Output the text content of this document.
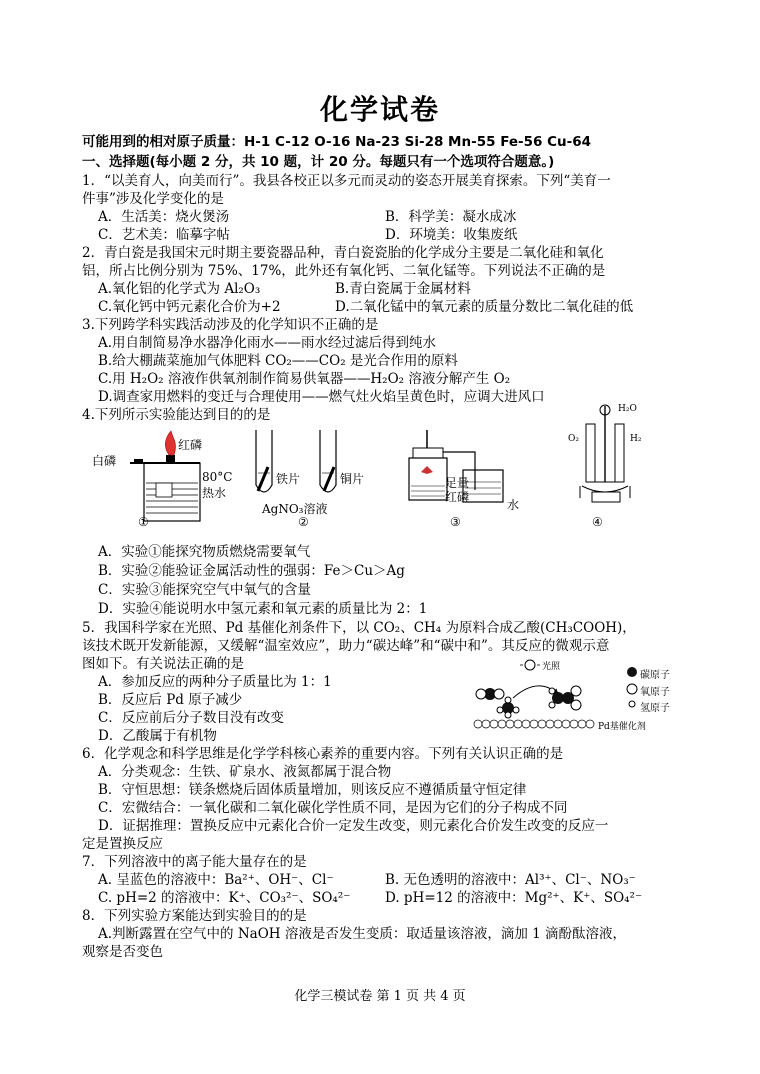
化学试卷
可能用到的相对原子质量：H-1 C-12 O-16 Na-23 Si-28 Mn-55 Fe-56 Cu-64
一、选择题(每小题 2 分，共 10 题，计 20 分。每题只有一个选项符合题意。)
1．“以美育人，向美而行”。我县各校正以多元而灵动的姿态开展美育探索。下列“美育一
件事”涉及化学变化的是
A．生活美：烧火煲汤	B．科学美：凝水成冰
C．艺术美：临摹字帖	D．环境美：收集废纸
2．青白瓷是我国宋元时期主要瓷器品种，青白瓷瓷胎的化学成分主要是二氧化硅和氧化
铝，所占比例分别为 75%、17%，此外还有氧化钙、二氧化锰等。下列说法不正确的是
A.氧化铝的化学式为 Al₂O₃	B.青白瓷属于金属材料
C.氧化钙中钙元素化合价为+2	D.二氧化锰中的氧元素的质量分数比二氧化硅的低
3.下列跨学科实践活动涉及的化学知识不正确的是
A.用自制简易净水器净化雨水——雨水经过滤后得到纯水
B.给大棚蔬菜施加气体肥料 CO₂——CO₂ 是光合作用的原料
C.用 H₂O₂ 溶液作供氧剂制作简易供氧器——H₂O₂ 溶液分解产生 O₂
D.调查家用燃料的变迁与合理使用——燃气灶火焰呈黄色时，应调大进风口
4.下列所示实验能达到目的的是
白磷
红磷
80°C
热水
①
铁片	铜片
AgNO₃溶液
②
足量
红磷
水
③
H₂O
O₂	H₂
④
A．实验①能探究物质燃烧需要氧气
B．实验②能验证金属活动性的强弱：Fe＞Cu＞Ag
C．实验③能探究空气中氧气的含量
D．实验④能说明水中氢元素和氧元素的质量比为 2：1
5．我国科学家在光照、Pd 基催化剂条件下，以 CO₂、CH₄ 为原料合成乙酸(CH₃COOH)，
该技术既开发新能源，又缓解“温室效应”，助力“碳达峰”和“碳中和”。其反应的微观示意
图如下。有关说法正确的是
A．参加反应的两种分子质量比为 1：1
B．反应后 Pd 原子减少
C．反应前后分子数目没有改变
D．乙酸属于有机物
光照
碳原子
氧原子
氢原子
Pd基催化剂
6．化学观念和科学思维是化学学科核心素养的重要内容。下列有关认识正确的是
A．分类观念：生铁、矿泉水、液氮都属于混合物
B．守恒思想：镁条燃烧后固体质量增加，则该反应不遵循质量守恒定律
C．宏微结合：一氧化碳和二氧化碳化学性质不同，是因为它们的分子构成不同
D．证据推理：置换反应中元素化合价一定发生改变，则元素化合价发生改变的反应一
定是置换反应
7．下列溶液中的离子能大量存在的是
A. 呈蓝色的溶液中：Ba²⁺、OH⁻、Cl⁻	B. 无色透明的溶液中：Al³⁺、Cl⁻、NO₃⁻
C. pH=2 的溶液中：K⁺、CO₃²⁻、SO₄²⁻	D. pH=12 的溶液中：Mg²⁺、K⁺、SO₄²⁻
8．下列实验方案能达到实验目的的是
A.判断露置在空气中的 NaOH 溶液是否发生变质：取适量该溶液，滴加 1 滴酚酞溶液，
观察是否变色
化学三模试卷 第 1 页 共 4 页
